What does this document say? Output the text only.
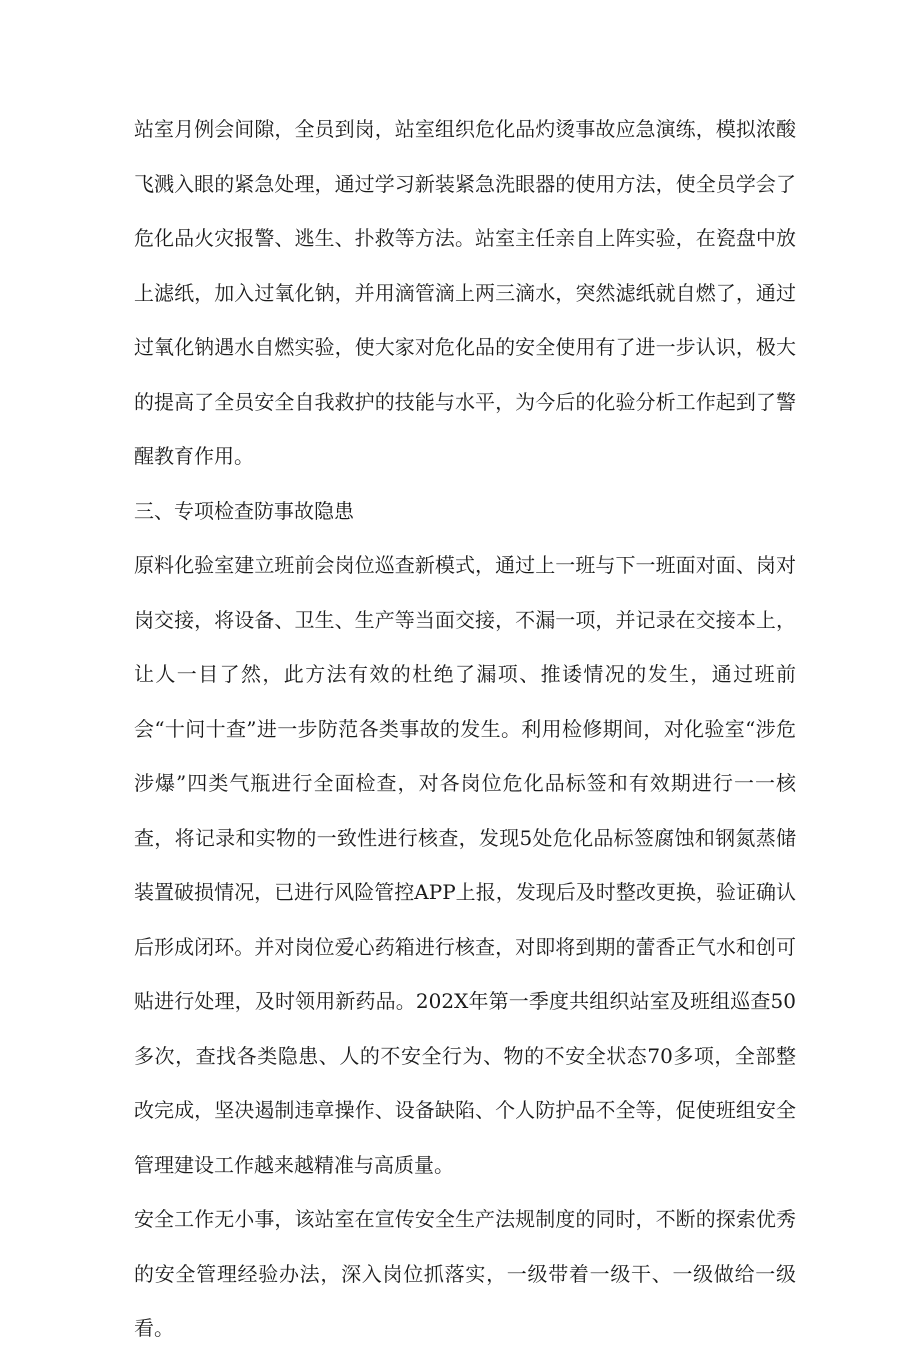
站室月例会间隙，全员到岗，站室组织危化品灼烫事故应急演练，模拟浓酸飞溅入眼的紧急处理，通过学习新装紧急洗眼器的使用方法，使全员学会了危化品火灾报警、逃生、扑救等方法。站室主任亲自上阵实验，在瓷盘中放上滤纸，加入过氧化钠，并用滴管滴上两三滴水，突然滤纸就自燃了，通过过氧化钠遇水自燃实验，使大家对危化品的安全使用有了进一步认识，极大的提高了全员安全自我救护的技能与水平，为今后的化验分析工作起到了警醒教育作用。

三、专项检查防事故隐患

原料化验室建立班前会岗位巡查新模式，通过上一班与下一班面对面、岗对岗交接，将设备、卫生、生产等当面交接，不漏一项，并记录在交接本上，让人一目了然，此方法有效的杜绝了漏项、推诿情况的发生，通过班前会“十问十查”进一步防范各类事故的发生。利用检修期间，对化验室“涉危涉爆”四类气瓶进行全面检查，对各岗位危化品标签和有效期进行一一核查，将记录和实物的一致性进行核查，发现5处危化品标签腐蚀和钢氮蒸储装置破损情况，已进行风险管控APP上报，发现后及时整改更换，验证确认后形成闭环。并对岗位爱心药箱进行核查，对即将到期的蕾香正气水和创可贴进行处理，及时领用新药品。202X年第一季度共组织站室及班组巡查50多次，查找各类隐患、人的不安全行为、物的不安全状态70多项，全部整改完成，坚决遏制违章操作、设备缺陷、个人防护品不全等，促使班组安全管理建设工作越来越精准与高质量。

安全工作无小事，该站室在宣传安全生产法规制度的同时，不断的探索优秀的安全管理经验办法，深入岗位抓落实，一级带着一级干、一级做给一级看。
